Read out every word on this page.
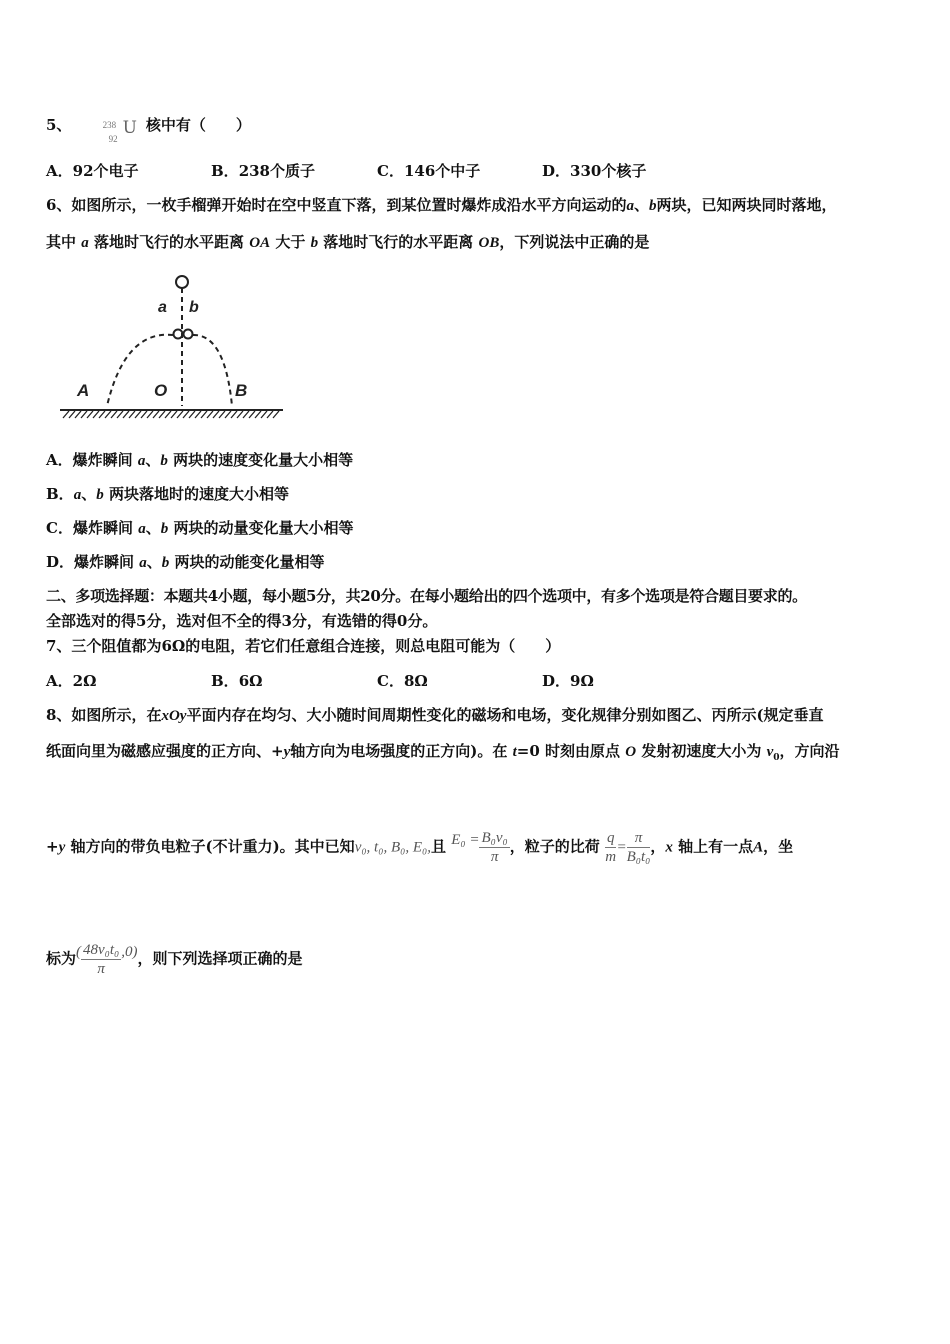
5、	238
92
U 核中有（　　）
A．92个电子	B．238个质子	C．146个中子	D．330个核子
6、如图所示，一枚手榴弹开始时在空中竖直下落，到某位置时爆炸成沿水平方向运动的a、b两块，已知两块同时落地，
其中 a 落地时飞行的水平距离 OA 大于 b 落地时飞行的水平距离 OB，下列说法中正确的是
a b
A	O	B
A．爆炸瞬间 a、b 两块的速度变化量大小相等
B．a、b 两块落地时的速度大小相等
C．爆炸瞬间 a、b 两块的动量变化量大小相等
D．爆炸瞬间 a、b 两块的动能变化量相等
二、多项选择题：本题共4小题，每小题5分，共20分。在每小题给出的四个选项中，有多个选项是符合题目要求的。
全部选对的得5分，选对但不全的得3分，有选错的得0分。
7、三个阻值都为6Ω的电阻，若它们任意组合连接，则总电阻可能为（　　）
A．2Ω	B．6Ω	C．8Ω	D．9Ω
8、如图所示，在xOy平面内存在均匀、大小随时间周期性变化的磁场和电场，变化规律分别如图乙、丙所示(规定垂直
纸面向里为磁感应强度的正方向、+y轴方向为电场强度的正方向)。在 t=0 时刻由原点 O 发射初速度大小为 $v_0$，方向沿
+y 轴方向的带负电粒子(不计重力)。其中已知v₀, t₀, B₀, E₀,且 $E_0 = \frac{\text{B₀v₀}}{\pi}$ ，粒子的比荷 $\frac{q}{m} = \frac{\pi}{\text{B₀t₀}}$ ，x 轴上有一点A，坐
标为( $\frac{\text{48v₀t₀}}{\pi} ,0$)，则下列选择项正确的是
